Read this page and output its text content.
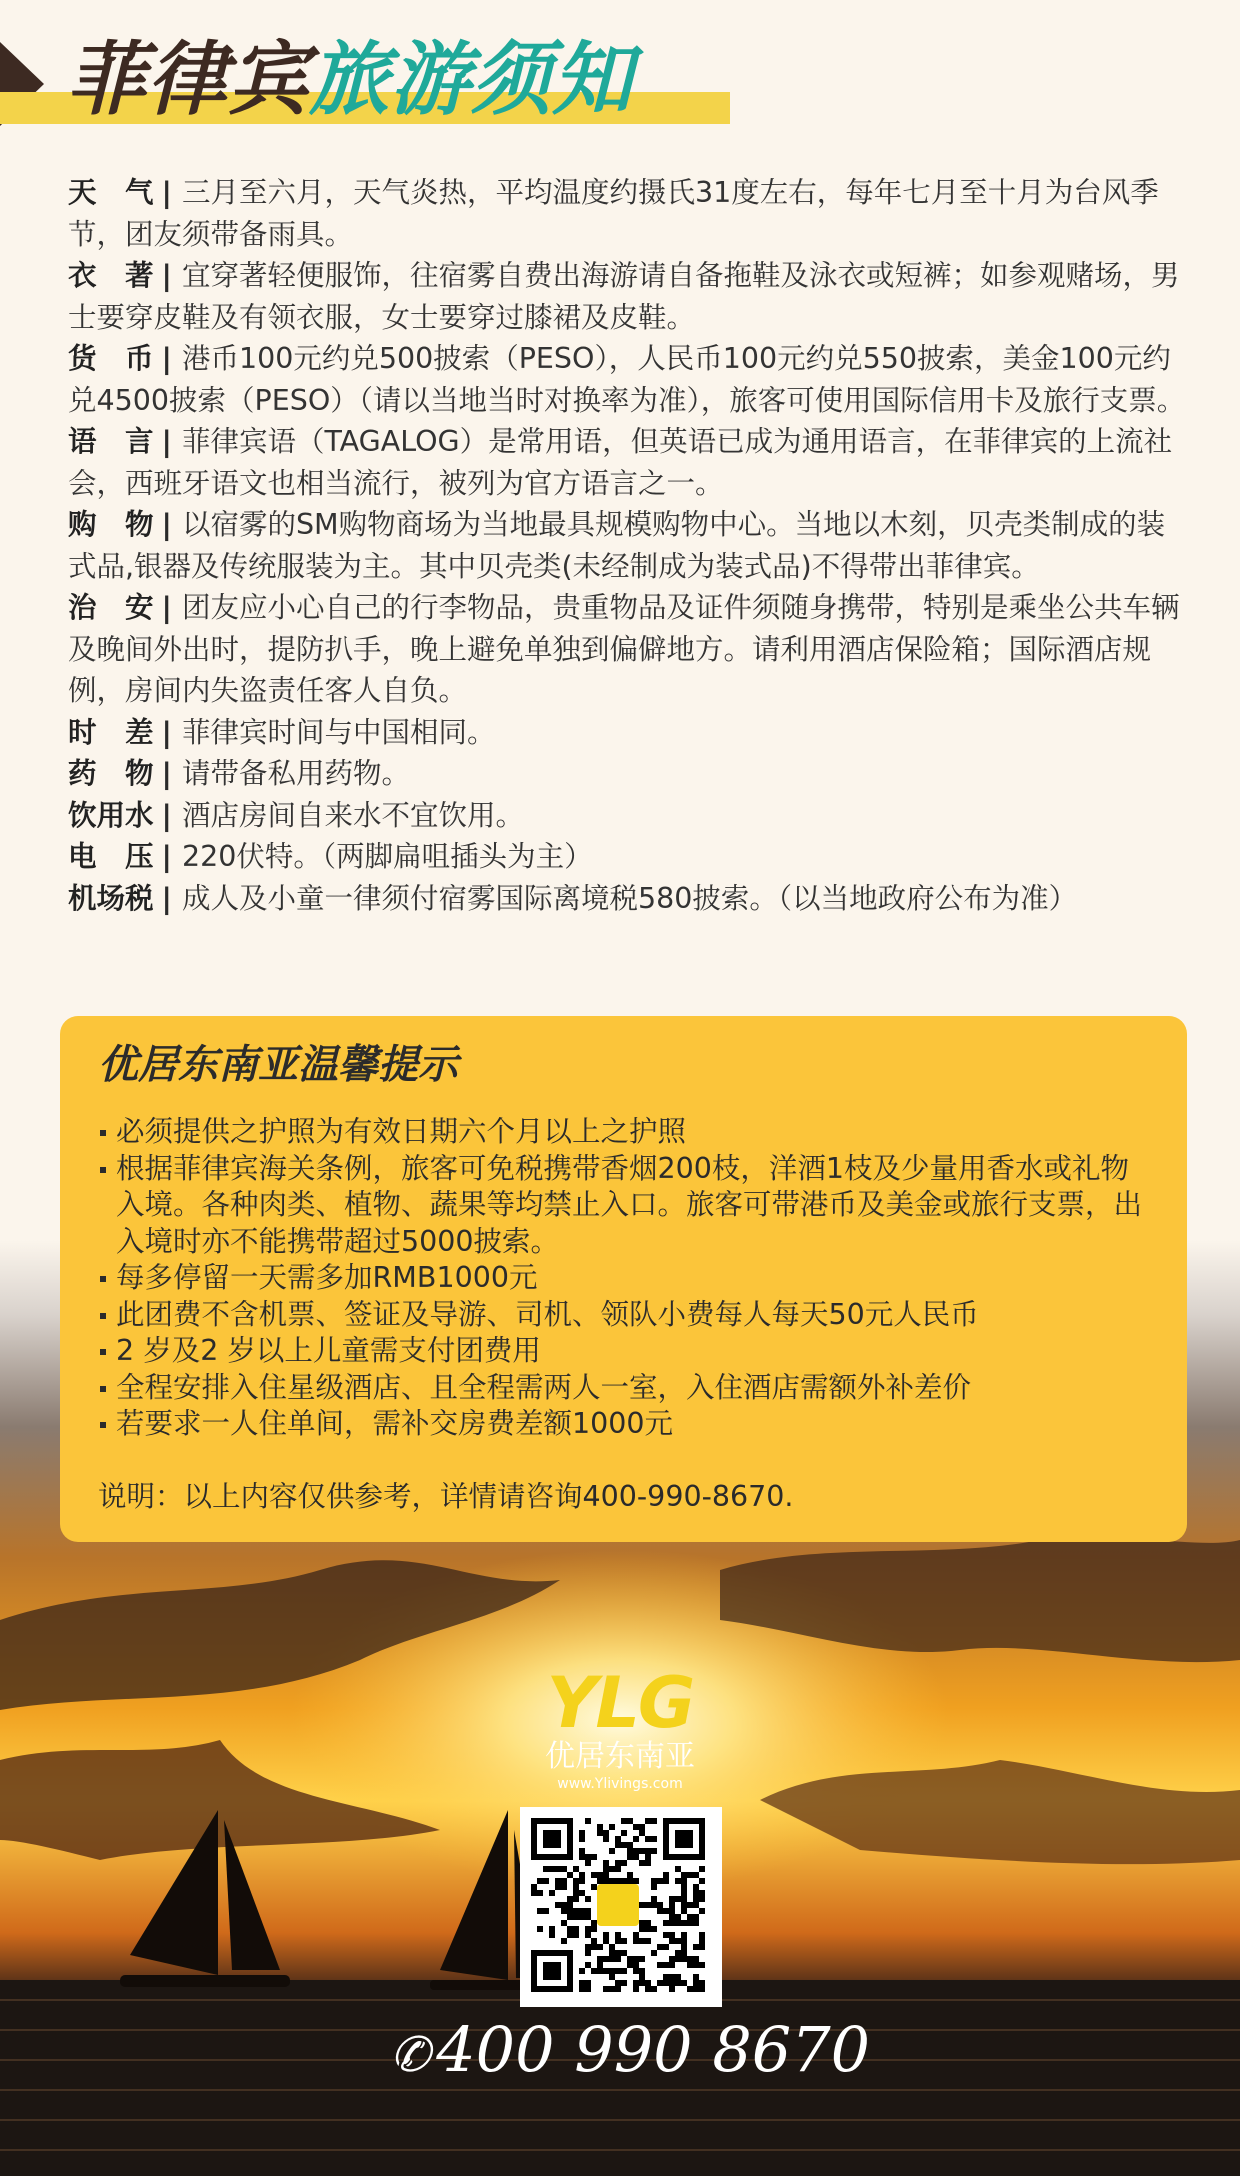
菲律宾旅游须知
天　气 | 三月至六月，天气炎热，平均温度约摄氏31度左右，每年七月至十月为台风季节，团友须带备雨具。
衣　著 | 宜穿著轻便服饰，往宿雾自费出海游请自备拖鞋及泳衣或短裤；如参观赌场，男士要穿皮鞋及有领衣服，女士要穿过膝裙及皮鞋。
货　币 | 港币100元约兑500披索（PESO），人民币100元约兑550披索，美金100元约兑4500披索（PESO）（请以当地当时对换率为准），旅客可使用国际信用卡及旅行支票。
语　言 | 菲律宾语（TAGALOG）是常用语，但英语已成为通用语言，在菲律宾的上流社会，西班牙语文也相当流行，被列为官方语言之一。
购　物 | 以宿雾的SM购物商场为当地最具规模购物中心。当地以木刻，贝壳类制成的装式品,银器及传统服装为主。其中贝壳类(未经制成为装式品)不得带出菲律宾。
治　安 | 团友应小心自己的行李物品，贵重物品及证件须随身携带，特别是乘坐公共车辆及晚间外出时，提防扒手，晚上避免单独到偏僻地方。请利用酒店保险箱；国际酒店规例，房间内失盗责任客人自负。
时　差 | 菲律宾时间与中国相同。
药　物 | 请带备私用药物。
饮用水 | 酒店房间自来水不宜饮用。
电　压 | 220伏特。（两脚扁咀插头为主）
机场税 | 成人及小童一律须付宿雾国际离境税580披索。（以当地政府公布为准）
优居东南亚温馨提示
必须提供之护照为有效日期六个月以上之护照
根据菲律宾海关条例，旅客可免税携带香烟200枝，洋酒1枝及少量用香水或礼物入境。各种肉类、植物、蔬果等均禁止入口。旅客可带港币及美金或旅行支票，出入境时亦不能携带超过5000披索。
每多停留一天需多加RMB1000元
此团费不含机票、签证及导游、司机、领队小费每人每天50元人民币
2 岁及2 岁以上儿童需支付团费用
全程安排入住星级酒店、且全程需两人一室，入住酒店需额外补差价
若要求一人住单间，需补交房费差额1000元
说明：以上内容仅供参考，详情请咨询400-990-8670.
YLG
优居东南亚
www.Ylivings.com
✆400 990 8670
